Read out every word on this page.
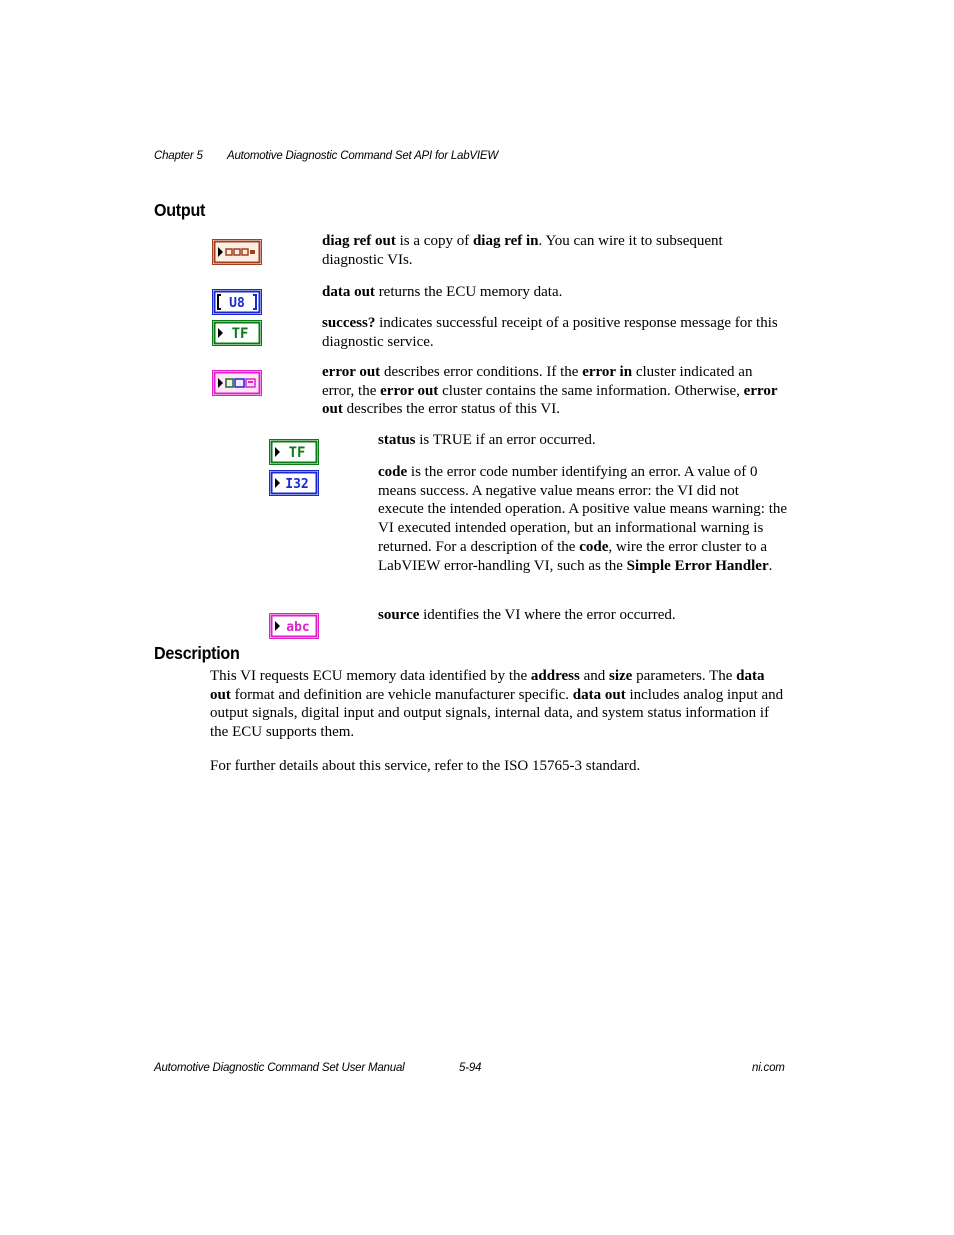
Chapter 5 Automotive Diagnostic Command Set API for LabVIEW
Output
diag ref out is a copy of diag ref in. You can wire it to subsequent diagnostic VIs.
U8
data out returns the ECU memory data.
TF
success? indicates successful receipt of a positive response message for this diagnostic service.
error out describes error conditions. If the error in cluster indicated an error, the error out cluster contains the same information. Otherwise, error out describes the error status of this VI.
TF
status is TRUE if an error occurred.
I32
code is the error code number identifying an error. A value of 0 means success. A negative value means error: the VI did not execute the intended operation. A positive value means warning: the VI executed intended operation, but an informational warning is returned. For a description of the code, wire the error cluster to a LabVIEW error-handling VI, such as the Simple Error Handler.
abc
source identifies the VI where the error occurred.
Description
This VI requests ECU memory data identified by the address and size parameters. The data out format and definition are vehicle manufacturer specific. data out includes analog input and output signals, digital input and output signals, internal data, and system status information if the ECU supports them.
For further details about this service, refer to the ISO 15765-3 standard.
Automotive Diagnostic Command Set User Manual	5-94	ni.com
